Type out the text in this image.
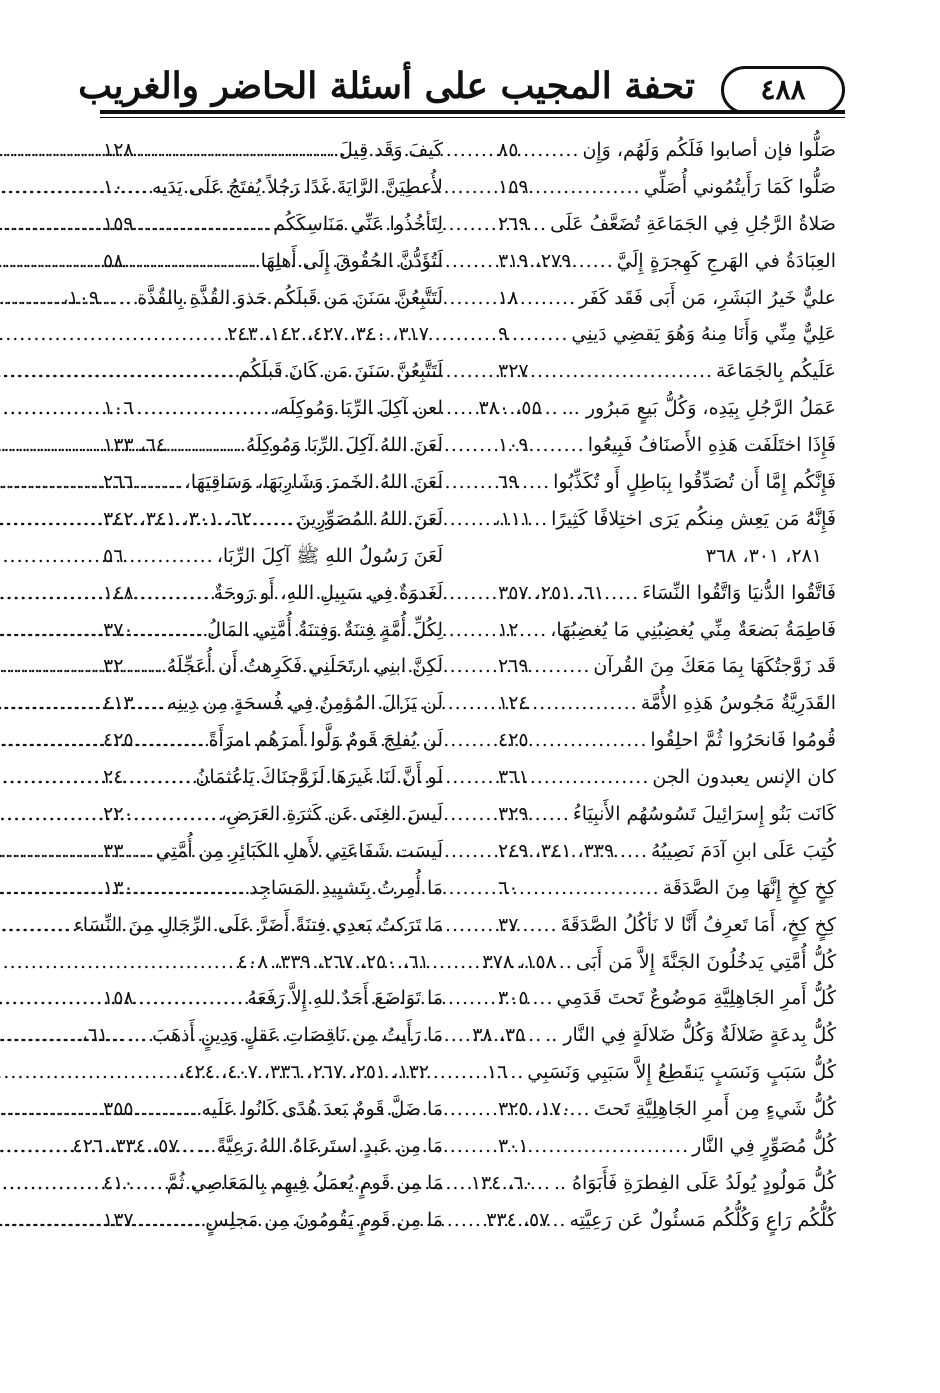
٤٨٨
تحفة المجيب على أسئلة الحاضر والغريب
صَلُّوا فإن أصابوا فَلَكُم وَلَهُم، وَإِن
.....
٨٥
صَلُّوا كَمَا رَأَيتُمُوني أُصَلِّي
.....
١٥٩
صَلاةُ الرَّجُلِ فِي الجَمَاعَةِ تُضَعَّفُ عَلَى
.....
٢٦٩
العِبَادَةُ في الهَرجِ كَهِجرَةٍ إِلَيَّ
.....
٢٧٩، ٣١٩
عليٌّ خَيرُ البَشَرِ، مَن أَبَى فَقَد كَفَر
.....
١٨
عَلِيٌّ مِنِّي وَأَنَا مِنهُ وَهُوَ يَقضِي دَينِي
.....
٩
عَلَيكُم بِالجَمَاعَة
.....
٣٢٧
عَمَلُ الرَّجُلِ بِيَدِه، وَكُلُّ بَيعٍ مَبرُور ...
.....
٥٥، ٣٨٠
فَإِذَا اختَلَفَت هَذِهِ الأَصنَافُ فَبِيعُوا
.....
١٠٩
فَإِنَّكُم إِمَّا أَن تُصَدِّقُوا بِبَاطِلٍ أَو تُكَذِّبُوا
.....
٦٩
فَإِنَّهُ مَن يَعِش مِنكُم يَرَى اختِلافًا كَثِيرًا
.....
١١١،
٢٨١، ٣٠١، ٣٦٨
فَاتَّقُوا الدُّنيَا وَاتَّقُوا النِّسَاءَ
.....
٦١، ٢٥١، ٣٥٧
فَاطِمَةُ بَضعَةٌ مِنِّي يُغضِبُنِي مَا يُغضِبُهَا،
.....
١٢
قَد زَوَّجتُكَهَا بِمَا مَعَكَ مِنَ القُرآن
.....
٢٦٩
القَدَرِيَّةُ مَجُوسُ هَذِهِ الأُمَّة
.....
١٢٤
قُومُوا فَانحَرُوا ثُمَّ احلِقُوا
.....
٤٢٥
كان الإنس يعبدون الجن
.....
٣٦١
كَانَت بَنُو إِسرَائِيلَ تَسُوسُهُم الأَنبِيَاءُ
.....
٣٢٩
كُتِبَ عَلَى ابنِ آدَمَ نَصِيبُهُ
.....
٣٣٩، ٣٤١، ٢٤٩
كِخٍ كِخٍ إِنَّهَا مِنَ الصَّدَقَة
.....
٦٠
كِخٍ كِخٍ، أَمَا تَعرِفُ أَنَّا لا نَأكُلُ الصَّدَقَةَ
.....
٣٧
كُلُّ أُمَّتِي يَدخُلُونَ الجَنَّةَ إِلاَّ مَن أَبَى
.....
١٥٨، ٣٧٨
كُلُّ أَمرِ الجَاهِلِيَّةِ مَوضُوعٌ تَحتَ قَدَمِي
.....
٣٠٥
كُلُّ بِدعَةٍ ضَلالَةٌ وَكُلُّ ضَلالَةٍ فِي النَّار ..
.....
٣٥، ٣٨
كُلُّ سَبَبٍ وَنَسَبٍ يَنقَطِعُ إِلاَّ سَبَبِي وَنَسَبِي
.....
١٦
كُلُّ شَيءٍ مِن أَمرِ الجَاهِلِيَّةِ تَحتَ
.....
١٧٠، ٣٢٥
كُلُّ مُصَوِّرٍ فِي النَّار
.....
٣٠١
كُلُّ مَولُودٍ يُولَدُ عَلَى الفِطرَةِ فَأَبَوَاهُ ..
.....
٦٠، ١٣٤
كُلُّكُم رَاعٍ وَكُلُّكُم مَسئُولٌ عَن رَعِيَّتِه
.....
٥٧، ٣٣٤
كَيفَ وَقَد قِيلَ
.....
١٢٨
لأُعطِيَنَّ الرَّايَةَ غَدًا رَجُلاً يُفتَحُ عَلَى يَدَيه
.....
١٠
لِتَأخُذُوا عَنِّي مَنَاسِكَكُم
.....
١٥٩
لَتُؤَدُّنَّ الحُقُوقَ إِلَى أَهلِهَا
.....
٥٨
لَتَتَّبِعُنَّ سَنَنَ مَن قَبلَكُم حَذوَ القُذَّةِ بِالقُذَّة ..
.....
١٠٩،
٣١٧، ٣٤٠، ٤٢٧، ١٤٢، ٢٤٣
لَتَتَّبِعُنَّ سَنَنَ مَن كَانَ قَبلَكُم
.....
لعن آكِلَ الرِّبَا وَمُوكِلَه،
.....
١٠٦
لَعَنَ اللهُ آكِلَ الرِّبَا وَمُوكِلَهُ
.....
٦٤، ١٣٣
لَعَنَ اللهُ الخَمرَ وَشَارِبَهَا، وَسَاقِيَهَا،
.....
٢٦٦
لَعَنَ اللهُ المُصَوِّرِينَ
.....
٦٢، ٣٠١، ٣٤١، ٣٤٢
لَعَنَ رَسُولُ اللهِ ﷺ آكِلَ الرِّبَا،
.....
٥٦
لَغَدوَةٌ فِي سَبِيلِ اللهِ، أَو رَوحَةٌ
.....
١٤٨
لِكُلِّ أُمَّةٍ فِتنَةٌ وَفِتنَةُ أُمَّتِي المَالُ
.....
٣٧٠
لَكِنَّ ابنِي ارتَحَلَنِي فَكَرِهتُ أَن أُعَجِّلَهُ
.....
٣٢
لَن يَزَالَ المُؤمِنُ فِي فُسحَةٍ مِن دِينِه
.....
٤١٣
لَن يُفلِحَ قَومٌ وَلَّوا أَمرَهُم امرَأَةً
.....
٤٢٥
لَو أَنَّ لَنَا غَيرَهَا لَزَوَّجنَاكَ يَاعُثمَانُ
.....
٢٤
لَيسَ الغِنَى عَن كَثرَةِ العَرَضِ،
.....
٢٢٠
لَيسَت شَفَاعَتِي لأَهلِ الكَبَائِرِ مِن أُمَّتِي
.....
٣٣
مَا أُمِرتُ بِتَشيِيدِ المَسَاجِد
.....
١٣٠
مَا تَرَكتُ بَعدِي فِتنَةً أَضَرَّ عَلَى الرِّجَالِ مِنَ النِّسَاء
.....
٦١، ٢٥٠، ٢٦٧، ٣٣٩، ٤٠٨
مَا تَوَاضَعَ أَحَدٌ للهِ إِلاَّ رَفَعَهُ
.....
١٥٨
مَا رَأَيتُ مِن نَاقِصَاتِ عَقلٍ وَدِينٍ أَذهَبَ ...
.....
٦١،
١٣٢، ٢٥١، ٢٦٧، ٣٣٦، ٤٠٧، ٤٢٤،
مَا ضَلَّ قَومٌ بَعدَ هُدًى كَانُوا عَلَيه
.....
٣٥٥
مَا مِن عَبدٍ استَرعَاهُ اللهُ رَعِيَّةً ..
.....
٥٧، ٣٣٤، ٤٢٦
مَا مِن قَومٍ يُعمَلُ فِيهِم بِالمَعَاصِي ثُمَّ
.....
٤١٠
مَا مِن قَومٍ يَقُومُونَ مِن مَجلِسٍ
.....
١٣٧
